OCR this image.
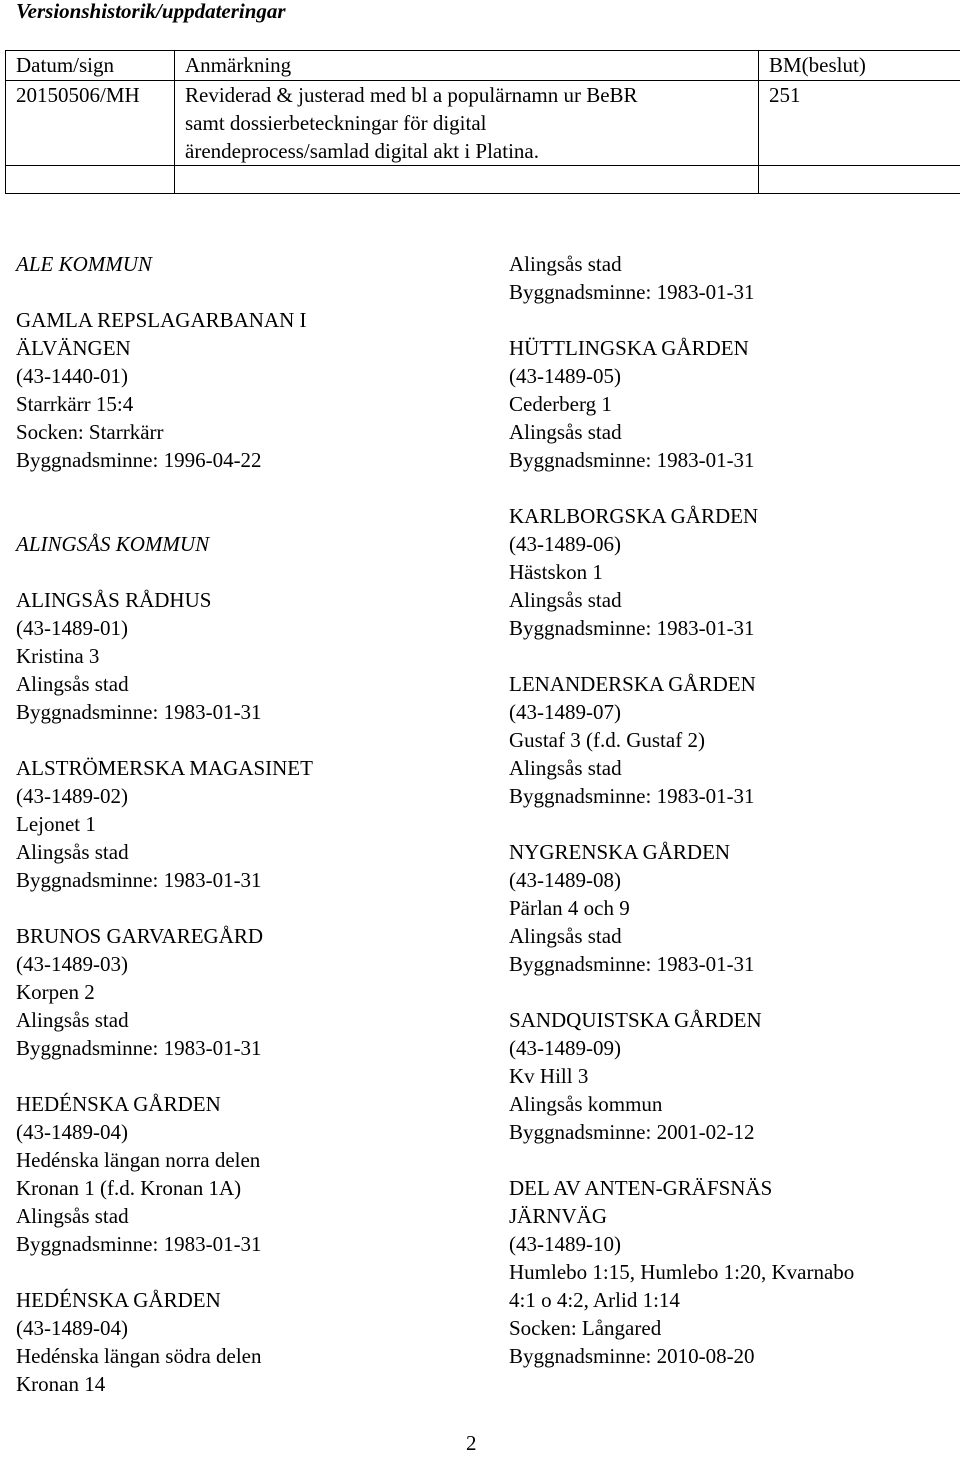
Versionshistorik/uppdateringar
Datum/sign	Anmärkning	BM(beslut)
20150506/MH	Reviderad & justerad med bl a populärnamn ur BeBR
samt dossierbeteckningar för digital
ärendeprocess/samlad digital akt i Platina.	251

ALE KOMMUN
GAMLA REPSLAGARBANAN I
ÄLVÄNGEN
(43-1440-01)
Starrkärr 15:4
Socken: Starrkärr
Byggnadsminne: 1996-04-22
ALINGSÅS KOMMUN
ALINGSÅS RÅDHUS
(43-1489-01)
Kristina 3
Alingsås stad
Byggnadsminne: 1983-01-31
ALSTRÖMERSKA MAGASINET
(43-1489-02)
Lejonet 1
Alingsås stad
Byggnadsminne: 1983-01-31
BRUNOS GARVAREGÅRD
(43-1489-03)
Korpen 2
Alingsås stad
Byggnadsminne: 1983-01-31
HEDÉNSKA GÅRDEN
(43-1489-04)
Hedénska längan norra delen
Kronan 1 (f.d. Kronan 1A)
Alingsås stad
Byggnadsminne: 1983-01-31
HEDÉNSKA GÅRDEN
(43-1489-04)
Hedénska längan södra delen
Kronan 14
Alingsås stad
Byggnadsminne: 1983-01-31
HÜTTLINGSKA GÅRDEN
(43-1489-05)
Cederberg 1
Alingsås stad
Byggnadsminne: 1983-01-31
KARLBORGSKA GÅRDEN
(43-1489-06)
Hästskon 1
Alingsås stad
Byggnadsminne: 1983-01-31
LENANDERSKA GÅRDEN
(43-1489-07)
Gustaf 3 (f.d. Gustaf 2)
Alingsås stad
Byggnadsminne: 1983-01-31
NYGRENSKA GÅRDEN
(43-1489-08)
Pärlan 4 och 9
Alingsås stad
Byggnadsminne: 1983-01-31
SANDQUISTSKA GÅRDEN
(43-1489-09)
Kv Hill 3
Alingsås kommun
Byggnadsminne: 2001-02-12
DEL AV ANTEN-GRÄFSNÄS
JÄRNVÄG
(43-1489-10)
Humlebo 1:15, Humlebo 1:20, Kvarnabo
4:1 o 4:2, Arlid 1:14
Socken: Långared
Byggnadsminne: 2010-08-20
2
